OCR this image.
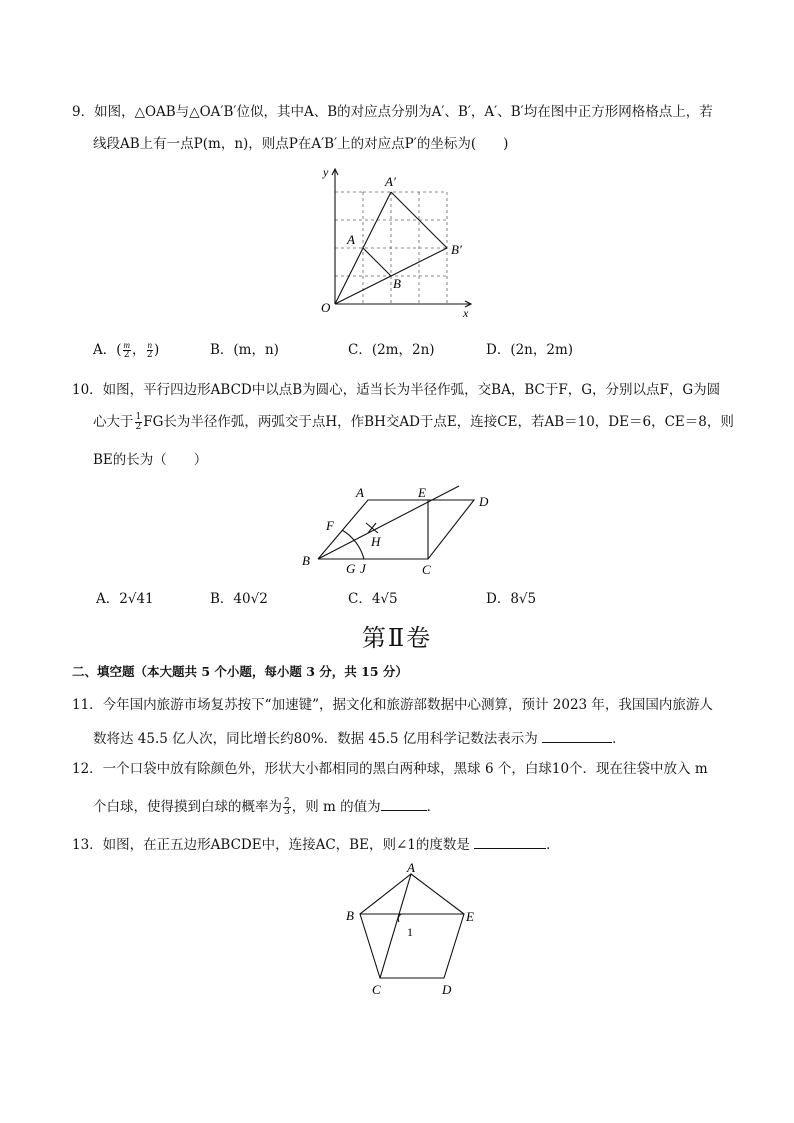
9．如图，△OAB与△OA′B′位似，其中A、B的对应点分别为A′、B′，A′、B′均在图中正方形网格格点上，若
线段AB上有一点P(m，n)，则点P在A′B′上的对应点P′的坐标为(　　)
y
x
O
A
B
A′
B′
A．( $\frac{m}{2}$ ， $\frac{n}{2}$ )	B．(m，n)	C．(2m，2n)	D．(2n，2m)
10．如图，平行四边形ABCD中以点B为圆心，适当长为半径作弧，交BA，BC于F，G，分别以点F，G为圆
心大于 $\frac{1}{2}$ FG长为半径作弧，两弧交于点H，作BH交AD于点E，连接CE，若AB＝10，DE＝6，CE＝8，则
BE的长为（　　）
A	E
D
F
H
B
G J	C
A．2√41	B．40√2	C．4√5	D．8√5
第Ⅱ卷
二、填空题（本大题共 5 个小题，每小题 3 分，共 15 分）
11．今年国内旅游市场复苏按下“加速键”，据文化和旅游部数据中心测算，预计 2023 年，我国国内旅游人
数将达 45.5 亿人次，同比增长约80%．数据 45.5 亿用科学记数法表示为	．
12．一个口袋中放有除颜色外，形状大小都相同的黑白两种球，黑球 6 个，白球10个．现在往袋中放入 m
个白球，使得摸到白球的概率为 $\frac{2}{3}$ ，则 m 的值为	．
13．如图，在正五边形ABCDE中，连接AC，BE，则∠1的度数是	．
A
B	E
C	D
1
